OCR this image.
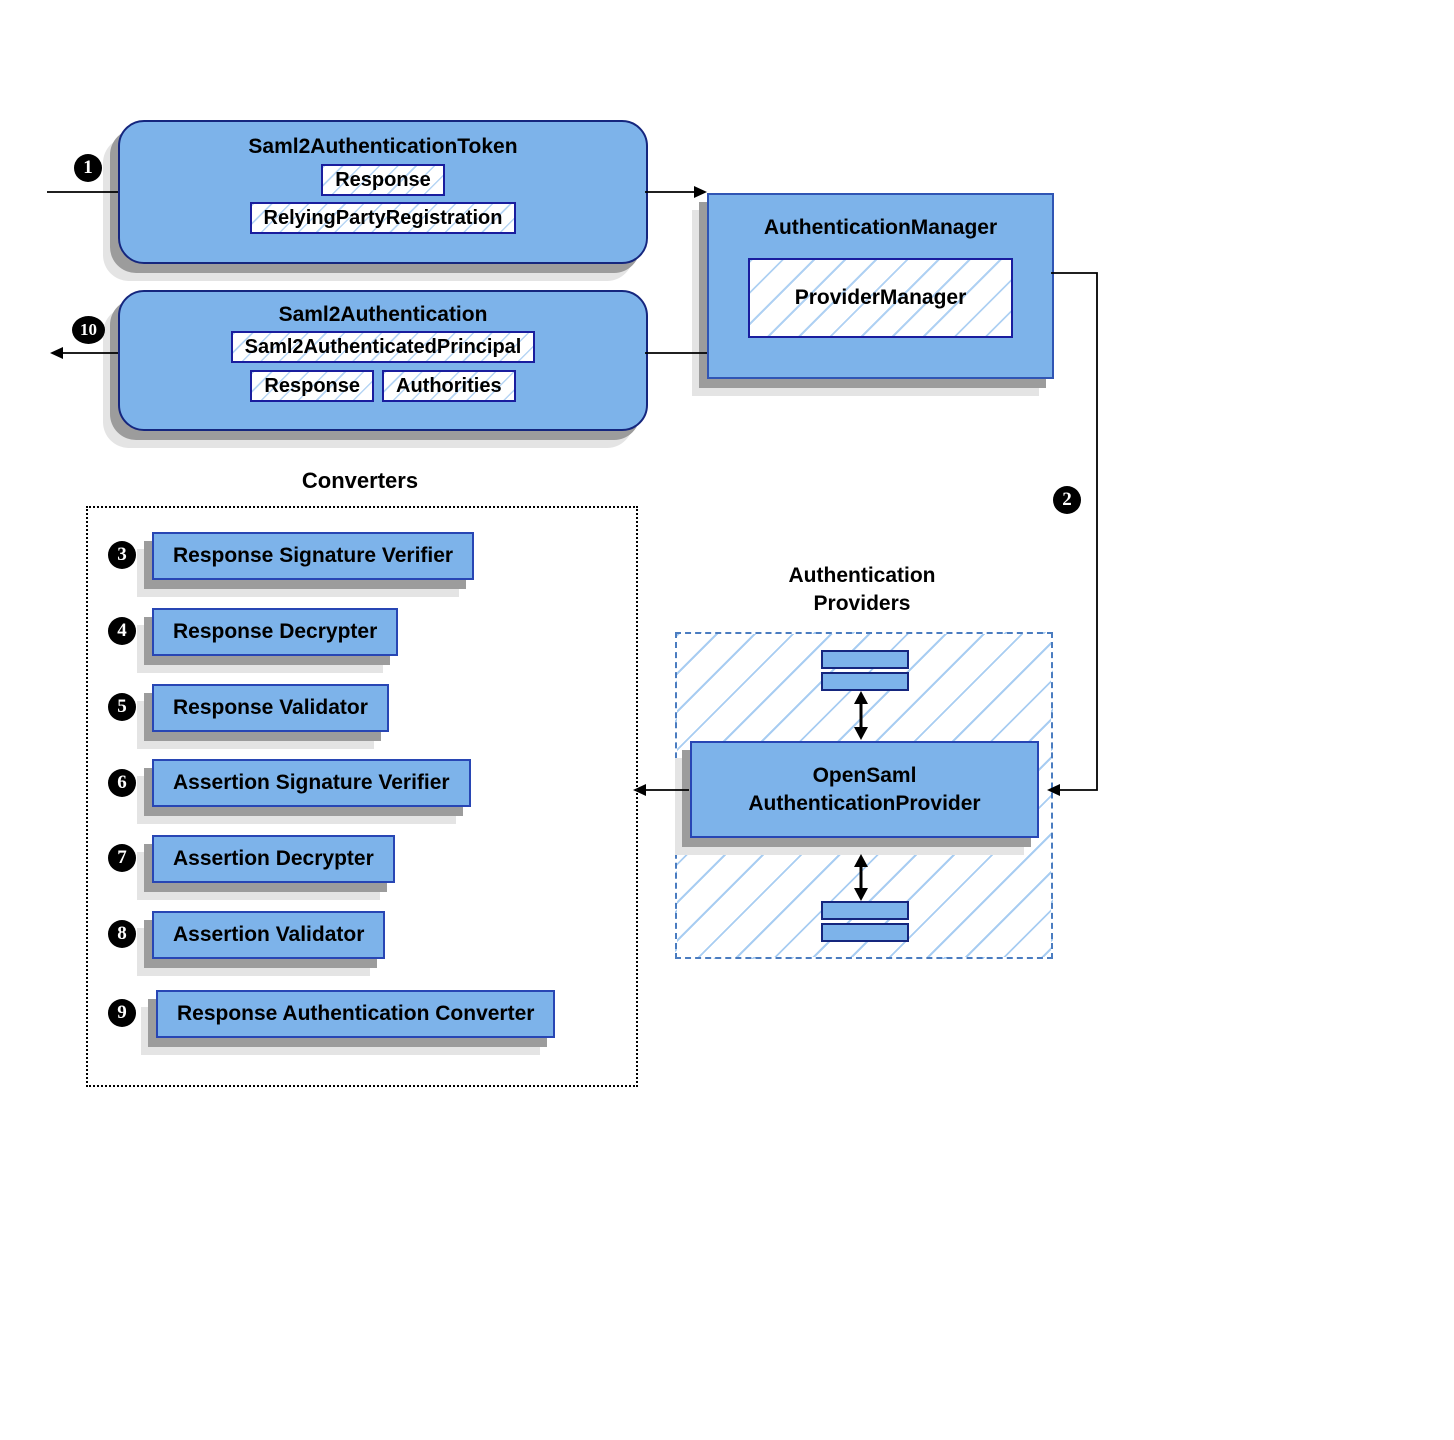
Saml2AuthenticationToken
Response
RelyingPartyRegistration
1
AuthenticationManager
ProviderManager
2
Saml2Authentication
Saml2AuthenticatedPrincipal
Response	Authorities
10
Converters
3	Response Signature Verifier
4	Response Decrypter
5	Response Validator
6	Assertion Signature Verifier
7	Assertion Decrypter
8	Assertion Validator
9	Response Authentication Converter
Authentication
Providers
OpenSaml
AuthenticationProvider
